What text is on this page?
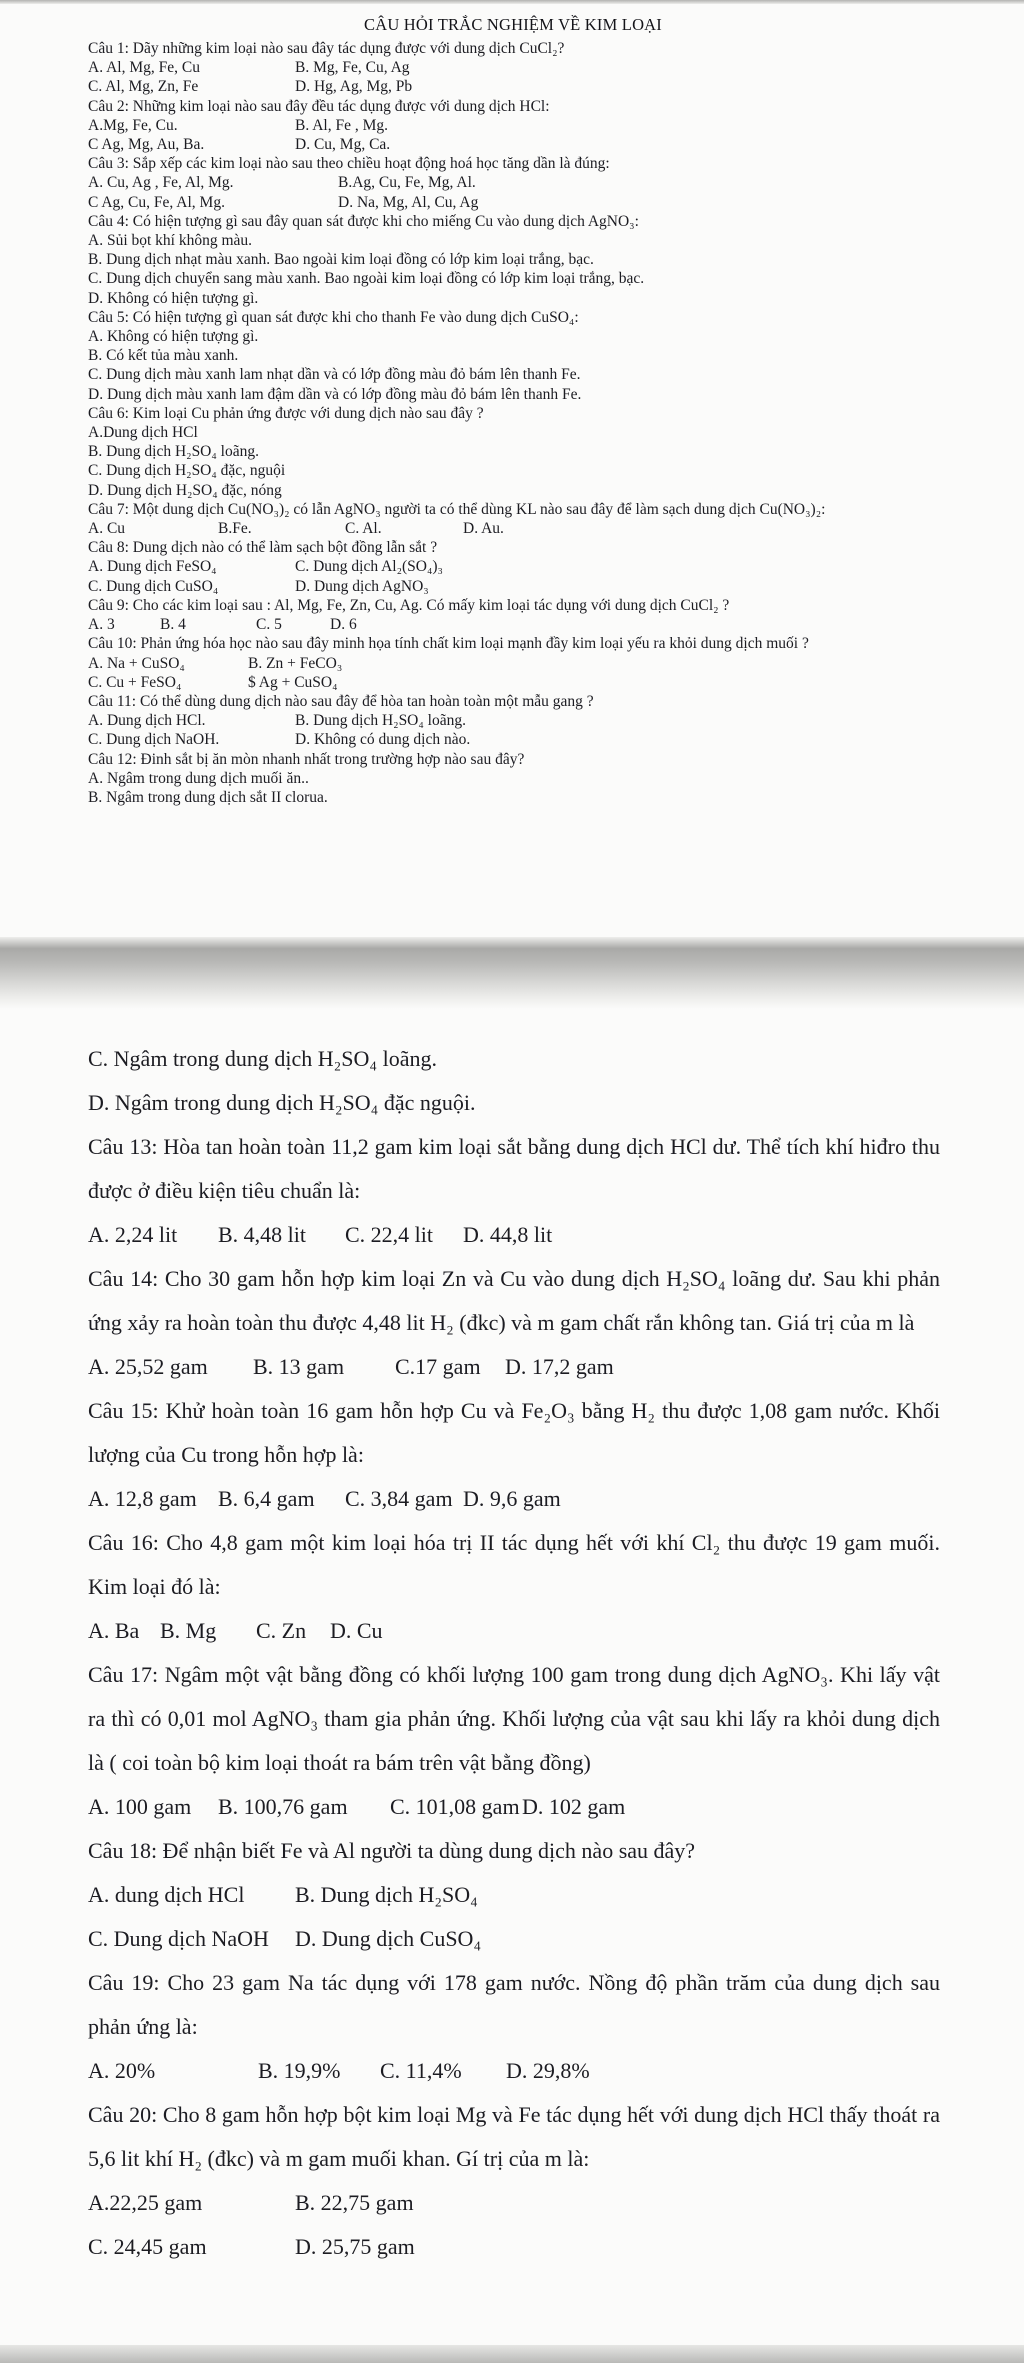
CÂU HỎI TRẮC NGHIỆM VỀ KIM LOẠI
Câu 1: Dãy những kim loại nào sau đây tác dụng được với dung dịch CuCl₂?
A. Al, Mg, Fe, Cu	B. Mg, Fe, Cu, Ag
C. Al, Mg, Zn, Fe	D. Hg, Ag, Mg, Pb
Câu 2: Những kim loại nào sau đây đều tác dụng được với dung dịch HCl:
A.Mg, Fe, Cu.	B. Al, Fe , Mg.
C Ag, Mg, Au, Ba.	D. Cu, Mg, Ca.
Câu 3: Sắp xếp các kim loại nào sau theo chiều hoạt động hoá học tăng dần là đúng:
A. Cu, Ag , Fe, Al, Mg.	B.Ag, Cu, Fe, Mg, Al.
C Ag, Cu, Fe, Al, Mg.	D. Na, Mg, Al, Cu, Ag
Câu 4: Có hiện tượng gì sau đây quan sát được khi cho miếng Cu vào dung dịch AgNO₃:
A. Sủi bọt khí không màu.
B. Dung dịch nhạt màu xanh. Bao ngoài kim loại đồng có lớp kim loại trắng, bạc.
C. Dung dịch chuyển sang màu xanh. Bao ngoài kim loại đồng có lớp kim loại trắng, bạc.
D. Không có hiện tượng gì.
Câu 5: Có hiện tượng gì quan sát được khi cho thanh Fe vào dung dịch CuSO₄:
A. Không có hiện tượng gì.
B. Có kết tủa màu xanh.
C. Dung dịch màu xanh lam nhạt dần và có lớp đồng màu đỏ bám lên thanh Fe.
D. Dung dịch màu xanh lam đậm dần và có lớp đồng màu đỏ bám lên thanh Fe.
Câu 6: Kim loại Cu phản ứng được với dung dịch nào sau đây ?
A.Dung dịch HCl
B. Dung dịch H₂SO₄ loãng.
C. Dung dịch H₂SO₄ đặc, nguội
D. Dung dịch H₂SO₄ đặc, nóng
Câu 7: Một dung dịch Cu(NO₃)₂ có lẫn AgNO₃ người ta có thể dùng KL nào sau đây để làm sạch dung dịch Cu(NO₃)₂:
A. Cu	B.Fe.	C. Al.	D. Au.
Câu 8: Dung dịch nào có thể làm sạch bột đồng lẫn sắt ?
A. Dung dịch FeSO₄	C. Dung dịch Al₂(SO₄)₃
C. Dung dịch CuSO₄	D. Dung dịch AgNO₃
Câu 9: Cho các kim loại sau : Al, Mg, Fe, Zn, Cu, Ag. Có mấy kim loại tác dụng với dung dịch CuCl₂ ?
A. 3	B. 4	C. 5	D. 6
Câu 10: Phản ứng hóa học nào sau đây minh họa tính chất kim loại mạnh đầy kim loại yếu ra khỏi dung dịch muối ?
A. Na + CuSO₄	B. Zn + FeCO₃
C. Cu + FeSO₄	$ Ag + CuSO₄
Câu 11: Có thể dùng dung dịch nào sau đây để hòa tan hoàn toàn một mẫu gang ?
A. Dung dịch HCl.	B. Dung dịch H₂SO₄ loãng.
C. Dung dịch NaOH.	D. Không có dung dịch nào.
Câu 12: Đinh sắt bị ăn mòn nhanh nhất trong trường hợp nào sau đây?
A. Ngâm trong dung dịch muối ăn..
B. Ngâm trong dung dịch sắt II clorua.
C. Ngâm trong dung dịch H₂SO₄ loãng.
D. Ngâm trong dung dịch H₂SO₄ đặc nguội.
Câu 13: Hòa tan hoàn toàn 11,2 gam kim loại sắt bằng dung dịch HCl dư. Thể tích khí hiđro thu được ở điều kiện tiêu chuẩn là:
A. 2,24 lit	B. 4,48 lit	C. 22,4 lit	D. 44,8 lit
Câu 14: Cho 30 gam hỗn hợp kim loại Zn và Cu vào dung dịch H₂SO₄ loãng dư. Sau khi phản ứng xảy ra hoàn toàn thu được 4,48 lit H₂ (đkc) và m gam chất rắn không tan. Giá trị của m là
A. 25,52 gam	B. 13 gam	C.17 gam	D. 17,2 gam
Câu 15: Khử hoàn toàn 16 gam hỗn hợp Cu và Fe₂O₃ bằng H₂ thu được 1,08 gam nước. Khối lượng của Cu trong hỗn hợp là:
A. 12,8 gam B. 6,4 gam	C. 3,84 gam D. 9,6 gam
Câu 16: Cho 4,8 gam một kim loại hóa trị II tác dụng hết với khí Cl₂ thu được 19 gam muối. Kim loại đó là:
A. Ba B. Mg	C. Zn	D. Cu
Câu 17: Ngâm một vật bằng đồng có khối lượng 100 gam trong dung dịch AgNO₃. Khi lấy vật ra thì có 0,01 mol AgNO₃ tham gia phản ứng. Khối lượng của vật sau khi lấy ra khỏi dung dịch là ( coi toàn bộ kim loại thoát ra bám trên vật bằng đồng)
A. 100 gam	B. 100,76 gam	C. 101,08 gam D. 102 gam
Câu 18: Để nhận biết Fe và Al người ta dùng dung dịch nào sau đây?
A. dung dịch HCl	B. Dung dịch H₂SO₄
C. Dung dịch NaOH	D. Dung dịch CuSO₄
Câu 19: Cho 23 gam Na tác dụng với 178 gam nước. Nồng độ phần trăm của dung dịch sau phản ứng là:
A. 20%	B. 19,9%	C. 11,4%	D. 29,8%
Câu 20: Cho 8 gam hỗn hợp bột kim loại Mg và Fe tác dụng hết với dung dịch HCl thấy thoát ra 5,6 lit khí H₂ (đkc) và m gam muối khan. Gí trị của m là:
A.22,25 gam	B. 22,75 gam
C. 24,45 gam	D. 25,75 gam
